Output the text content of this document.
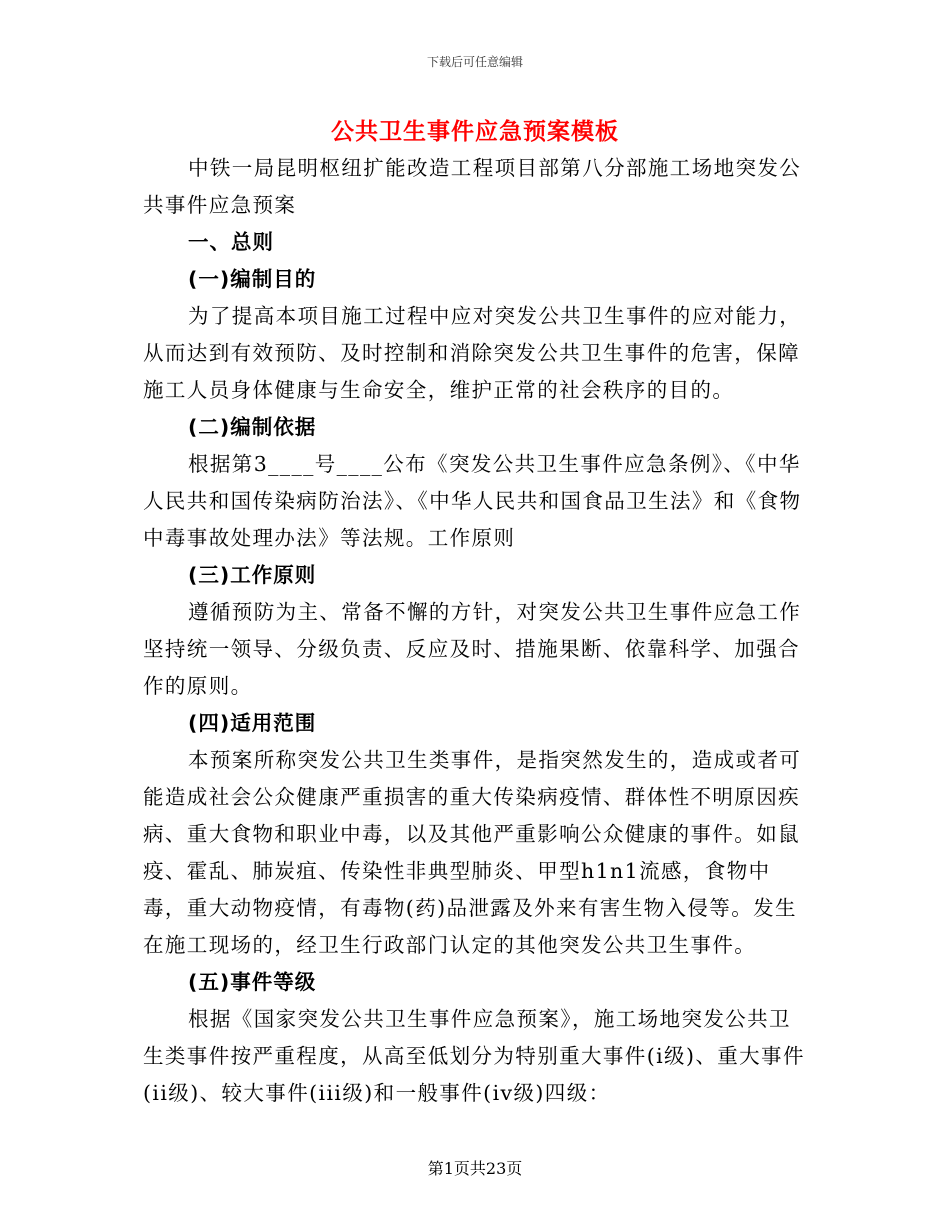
下载后可任意编辑
公共卫生事件应急预案模板

中铁一局昆明枢纽扩能改造工程项目部第八分部施工场地突发公共事件应急预案

一、总则

(一)编制目的

为了提高本项目施工过程中应对突发公共卫生事件的应对能力，从而达到有效预防、及时控制和消除突发公共卫生事件的危害，保障施工人员身体健康与生命安全，维护正常的社会秩序的目的。

(二)编制依据

根据第3____号____公布《突发公共卫生事件应急条例》、《中华人民共和国传染病防治法》、《中华人民共和国食品卫生法》和《食物中毒事故处理办法》等法规。工作原则

(三)工作原则

遵循预防为主、常备不懈的方针，对突发公共卫生事件应急工作坚持统一领导、分级负责、反应及时、措施果断、依靠科学、加强合作的原则。

(四)适用范围

本预案所称突发公共卫生类事件，是指突然发生的，造成或者可能造成社会公众健康严重损害的重大传染病疫情、群体性不明原因疾病、重大食物和职业中毒，以及其他严重影响公众健康的事件。如鼠疫、霍乱、肺炭疽、传染性非典型肺炎、甲型h1n1流感，食物中毒，重大动物疫情，有毒物(药)品泄露及外来有害生物入侵等。发生在施工现场的，经卫生行政部门认定的其他突发公共卫生事件。

(五)事件等级

根据《国家突发公共卫生事件应急预案》，施工场地突发公共卫生类事件按严重程度，从高至低划分为特别重大事件(i级)、重大事件(ii级)、较大事件(iii级)和一般事件(iv级)四级：

第1页共23页
